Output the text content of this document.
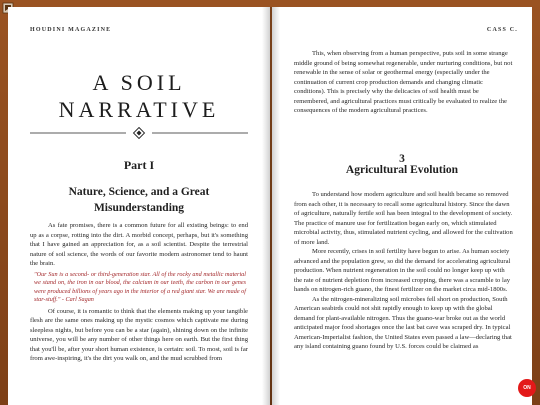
HOUDINI MAGAZINE
A SOIL
NARRATIVE
Part I
Nature, Science, and a Great
Misunderstanding

As fate promises, there is a common future for all existing beings: to end up as a corpse, rotting into the dirt. A morbid concept, perhaps, but it's something that I have gained an appreciation for, as a soil scientist. Despite the terrestrial nature of soil science, the words of our favorite modern astronomer tend to haunt the brain.

"Our Sun is a second- or third-generation star. All of the rocky and metallic material we stand on, the iron in our blood, the calcium in our teeth, the carbon in our genes were produced billions of years ago in the interior of a red giant star. We are made of star-stuff." - Carl Sagan

Of course, it is romantic to think that the elements making up your tangible flesh are the same ones making up the mystic cosmos which captivate me during sleepless nights, but before you can be a star (again), shining down on the infinite universe, you will be any number of other things here on earth. But the first thing that you'll be, after your short human existence, is certain: soil. To most, soil is far from awe-inspiring, it's the dirt you walk on, and the mud scrubbed from

CASS C.

This, when observing from a human perspective, puts soil in some strange middle ground of being somewhat regenerable, under nurturing conditions, but not renewable in the sense of solar or geothermal energy (especially under the continuation of current crop production demands and changing climatic conditions). This is precisely why the delicacies of soil health must be remembered, and agricultural practices must critically be evaluated to realize the consequences of the modern agricultural practices.

3
Agricultural Evolution

To understand how modern agriculture and soil health became so removed from each other, it is necessary to recall some agricultural history. Since the dawn of agriculture, naturally fertile soil has been integral to the development of society. The practice of manure use for fertilization began early on, which stimulated microbial activity, thus, stimulated nutrient cycling, and allowed for the cultivation of more land.

More recently, crises in soil fertility have begun to arise. As human society advanced and the population grew, so did the demand for accelerating agricultural production. When nutrient regeneration in the soil could no longer keep up with the rate of nutrient depletion from increased cropping, there was a scramble to lay hands on nitrogen-rich guano, the finest fertilizer on the market circa mid-1800s.

As the nitrogen-mineralizing soil microbes fell short on production, South American seabirds could not shit rapidly enough to keep up with the global demand for plant-available nitrogen. Thus the guano-war broke out as the world anticipated major food shortages once the last bat cave was scraped dry. In typical American-Imperialist fashion, the United States even passed a law—declaring that any island containing guano found by U.S. forces could be claimed as

ON
